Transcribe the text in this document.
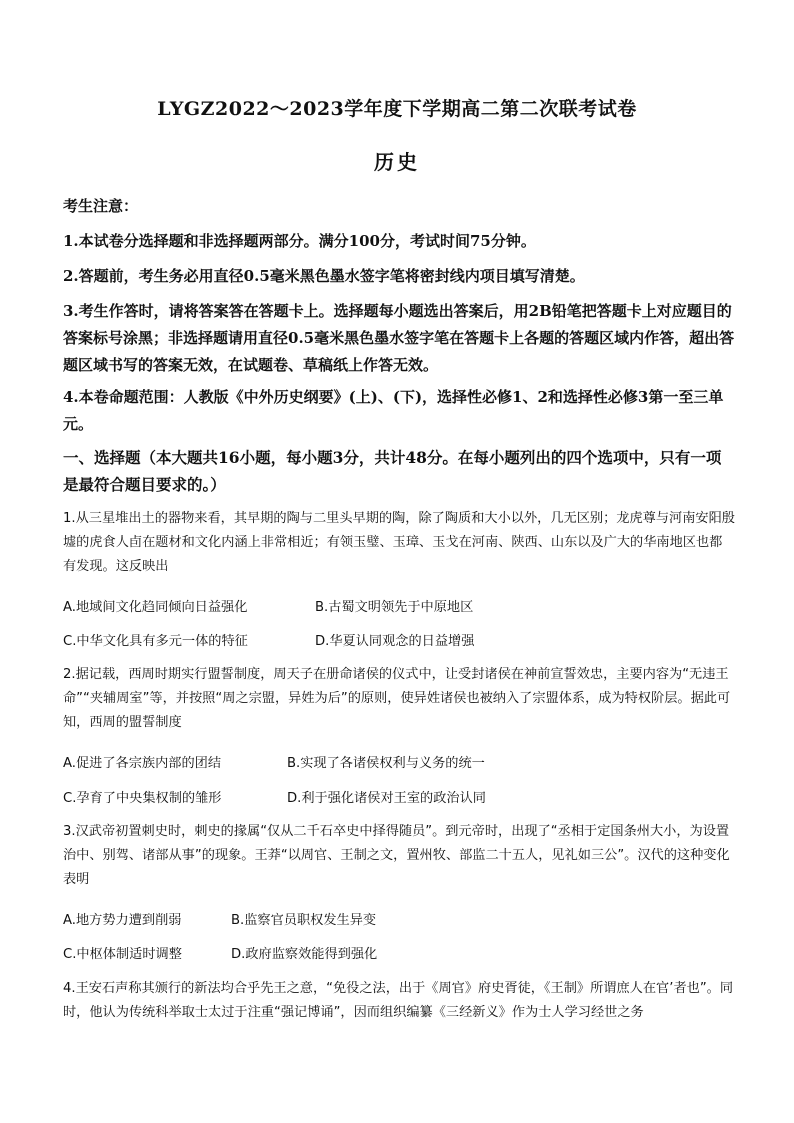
LYGZ2022～2023学年度下学期高二第二次联考试卷
历史
考生注意：
1.本试卷分选择题和非选择题两部分。满分100分，考试时间75分钟。
2.答题前，考生务必用直径0.5毫米黑色墨水签字笔将密封线内项目填写清楚。
3.考生作答时，请将答案答在答题卡上。选择题每小题选出答案后，用2B铅笔把答题卡上对应题目的答案标号涂黑；非选择题请用直径0.5毫米黑色墨水签字笔在答题卡上各题的答题区域内作答，超出答题区域书写的答案无效，在试题卷、草稿纸上作答无效。
4.本卷命题范围：人教版《中外历史纲要》(上)、(下)，选择性必修1、2和选择性必修3第一至三单元。
一、选择题（本大题共16小题，每小题3分，共计48分。在每小题列出的四个选项中，只有一项是最符合题目要求的。）
1.从三星堆出土的器物来看，其早期的陶与二里头早期的陶，除了陶质和大小以外，几无区别；龙虎尊与河南安阳殷墟的虎食人卣在题材和文化内涵上非常相近；有领玉璧、玉璋、玉戈在河南、陕西、山东以及广大的华南地区也都有发现。这反映出
A.地域间文化趋同倾向日益强化	B.古蜀文明领先于中原地区
C.中华文化具有多元一体的特征	D.华夏认同观念的日益增强
2.据记载，西周时期实行盟誓制度，周天子在册命诸侯的仪式中，让受封诸侯在神前宣誓效忠，主要内容为“无违王命”“夹辅周室”等，并按照“周之宗盟，异姓为后”的原则，使异姓诸侯也被纳入了宗盟体系，成为特权阶层。据此可知，西周的盟誓制度
A.促进了各宗族内部的团结	B.实现了各诸侯权利与义务的统一
C.孕育了中央集权制的雏形	D.利于强化诸侯对王室的政治认同
3.汉武帝初置刺史时，刺史的掾属“仅从二千石卒史中择得随员”。到元帝时，出现了“丞相于定国条州大小，为设置治中、别驾、诸部从事”的现象。王莽“以周官、王制之文，置州牧、部监二十五人，见礼如三公”。汉代的这种变化表明
A.地方势力遭到削弱	B.监察官员职权发生异变
C.中枢体制适时调整	D.政府监察效能得到强化
4.王安石声称其颁行的新法均合乎先王之意，“免役之法，出于《周官》府史胥徒，《王制》所谓庶人在官’者也”。同时，他认为传统科举取士太过于注重“强记博诵”，因而组织编纂《三经新义》作为士人学习经世之务
